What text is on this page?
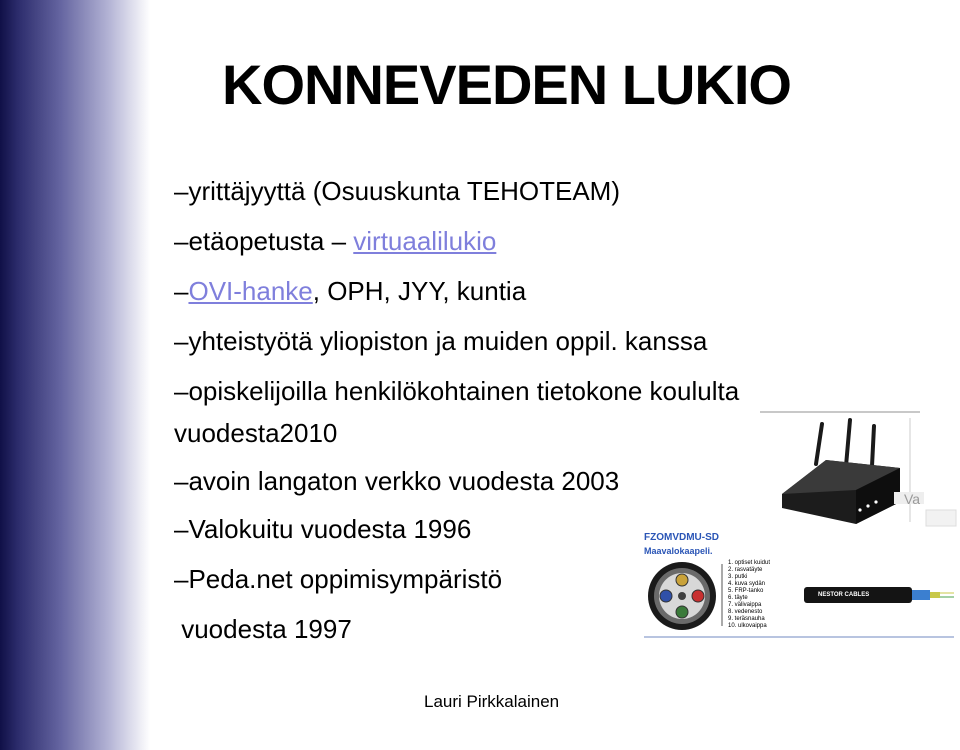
KONNEVEDEN LUKIO
–yrittäjyyttä (Osuuskunta TEHOTEAM)
–etäopetusta – virtuaalilukio
–OVI-hanke, OPH, JYY, kuntia
–yhteistyötä yliopiston ja muiden oppil. kanssa
–opiskelijoilla henkilökohtainen tietokone koululta
vuodesta2010
–avoin langaton verkko vuodesta 2003
–Valokuitu vuodesta 1996
–Peda.net oppimisympäristö
vuodesta 1997
Va
FZOMVDMU-SD
Maavalokaapeli.
1. optiset kuidut
2. rasvatäyte
3. putki
4. kuva sydän
5. FRP-tanko
6. täyte
7. välivaippa
8. vedenesto
9. teräsnauha
10. ulkovaippa
NESTOR CABLES
Lauri Pirkkalainen
